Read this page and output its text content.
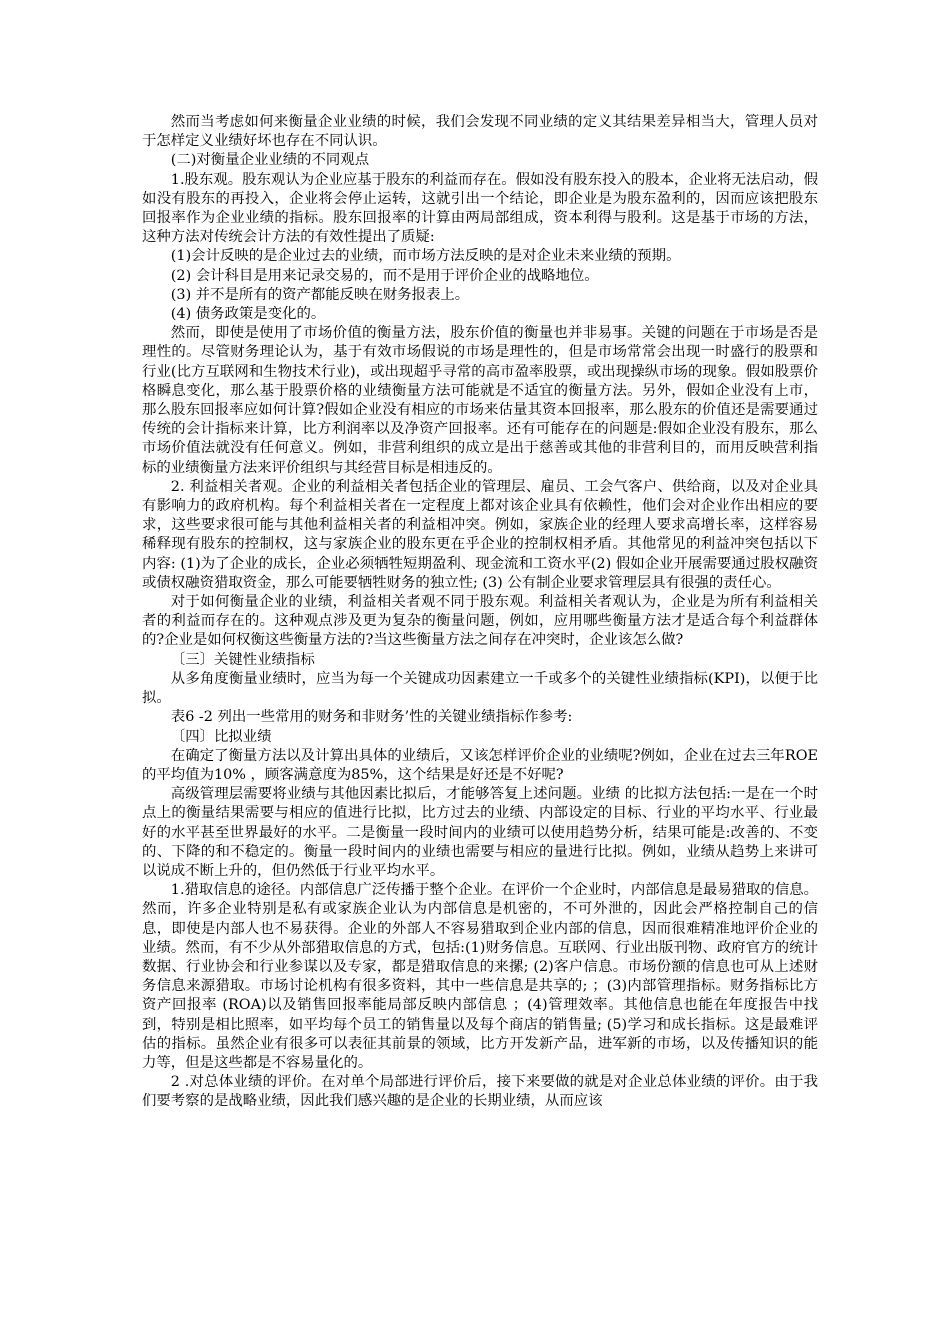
然而当考虑如何来衡量企业业绩的时候，我们会发现不同业绩的定义其结果差异相当大，管理人员对于怎样定义业绩好坏也存在不同认识。

(二)对衡量企业业绩的不同观点

1.股东观。股东观认为企业应基于股东的利益而存在。假如没有股东投入的股本，企业将无法启动，假如没有股东的再投入，企业将会停止运转，这就引出一个结论，即企业是为股东盈利的，因而应该把股东回报率作为企业业绩的指标。股东回报率的计算由两局部组成，资本利得与股利。这是基于市场的方法，这种方法对传统会计方法的有效性提出了质疑:

(1)会计反映的是企业过去的业绩，而市场方法反映的是对企业未来业绩的预期。

(2) 会计科目是用来记录交易的，而不是用于评价企业的战略地位。

(3) 并不是所有的资产都能反映在财务报表上。

(4) 债务政策是变化的。

然而，即使是使用了市场价值的衡量方法，股东价值的衡量也并非易事。关键的问题在于市场是否是理性的。尽管财务理论认为，基于有效市场假说的市场是理性的，但是市场常常会出现一时盛行的股票和行业(比方互联网和生物技术行业)，或出现超乎寻常的高市盈率股票，或出现操纵市场的现象。假如股票价格瞬息变化，那么基于股票价格的业绩衡量方法可能就是不适宜的衡量方法。另外，假如企业没有上市，那么股东回报率应如何计算?假如企业没有相应的市场来估量其资本回报率，那么股东的价值还是需要通过传统的会计指标来计算，比方利润率以及净资产回报率。还有可能存在的问题是:假如企业没有股东，那么市场价值法就没有任何意义。例如，非营利组织的成立是出于慈善或其他的非营利目的，而用反映营利指标的业绩衡量方法来评价组织与其经营目标是相违反的。

2. 利益相关者观。企业的利益相关者包括企业的管理层、雇员、工会气客户、供给商，以及对企业具有影响力的政府机构。每个利益相关者在一定程度上都对该企业具有依赖性，他们会对企业作出相应的要求，这些要求很可能与其他利益相关者的利益相冲突。例如，家族企业的经理人要求高增长率，这样容易稀释现有股东的控制权，这与家族企业的股东更在乎企业的控制权相矛盾。其他常见的利益冲突包括以下内容: (1)为了企业的成长，企业必须牺牲短期盈利、现金流和工资水平(2) 假如企业开展需要通过股权融资或债权融资猎取资金，那么可能要牺牲财务的独立性; (3) 公有制企业要求管理层具有很强的责任心。

对于如何衡量企业的业绩，利益相关者观不同于股东观。利益相关者观认为，企业是为所有利益相关者的利益而存在的。这种观点涉及更为复杂的衡量问题，例如，应用哪些衡量方法才是适合每个利益群体的?企业是如何权衡这些衡量方法的?当这些衡量方法之间存在冲突时，企业该怎么做?

〔三〕关键性业绩指标

从多角度衡量业绩时，应当为每一个关键成功因素建立一千或多个的关键性业绩指标(KPI)，以便于比拟。

表6 -2 列出一些常用的财务和非财务’性的关键业绩指标作参考:

〔四〕比拟业绩

在确定了衡量方法以及计算出具体的业绩后，又该怎样评价企业的业绩呢?例如，企业在过去三年ROE 的平均值为10% ，顾客满意度为85%，这个结果是好还是不好呢?

高级管理层需要将业绩与其他因素比拟后，才能够答复上述问题。业绩 的比拟方法包括:一是在一个时点上的衡量结果需要与相应的值进行比拟，比方过去的业绩、内部设定的目标、行业的平均水平、行业最好的水平甚至世界最好的水平。二是衡量一段时间内的业绩可以使用趋势分析，结果可能是:改善的、不变的、下降的和不稳定的。衡量一段时间内的业绩也需要与相应的量进行比拟。例如，业绩从趋势上来讲可以说成不断上升的，但仍然低于行业平均水平。

1.猎取信息的途径。内部信息广泛传播于整个企业。在评价一个企业时，内部信息是最易猎取的信息。然而，许多企业特别是私有或家族企业认为内部信息是机密的，不可外泄的，因此会严格控制自己的信息，即使是内部人也不易获得。企业的外部人不容易猎取到企业内部的信息，因而很难精准地评价企业的业绩。然而，有不少从外部猎取信息的方式，包括:(1)财务信息。互联网、行业出版刊物、政府官方的统计数据、行业协会和行业参谋以及专家，都是猎取信息的来摞; (2)客户信息。市场份额的信息也可从上述财务信息来源猎取。市场讨论机构有很多资料，其中一些信息是共享的; ；(3)内部管理指标。财务指标比方资产回报率 (ROA)以及销售回报率能局部反映内部信息 ；(4)管理效率。其他信息也能在年度报告中找到，特别是相比照率，如平均每个员工的销售量以及每个商店的销售量; (5)学习和成长指标。这是最难评估的指标。虽然企业有很多可以表征其前景的领域，比方开发新产品，进军新的市场，以及传播知识的能力等，但是这些都是不容易量化的。

2 .对总体业绩的评价。在对单个局部进行评价后，接下来要做的就是对企业总体业绩的评价。由于我们要考察的是战略业绩，因此我们感兴趣的是企业的长期业绩，从而应该
